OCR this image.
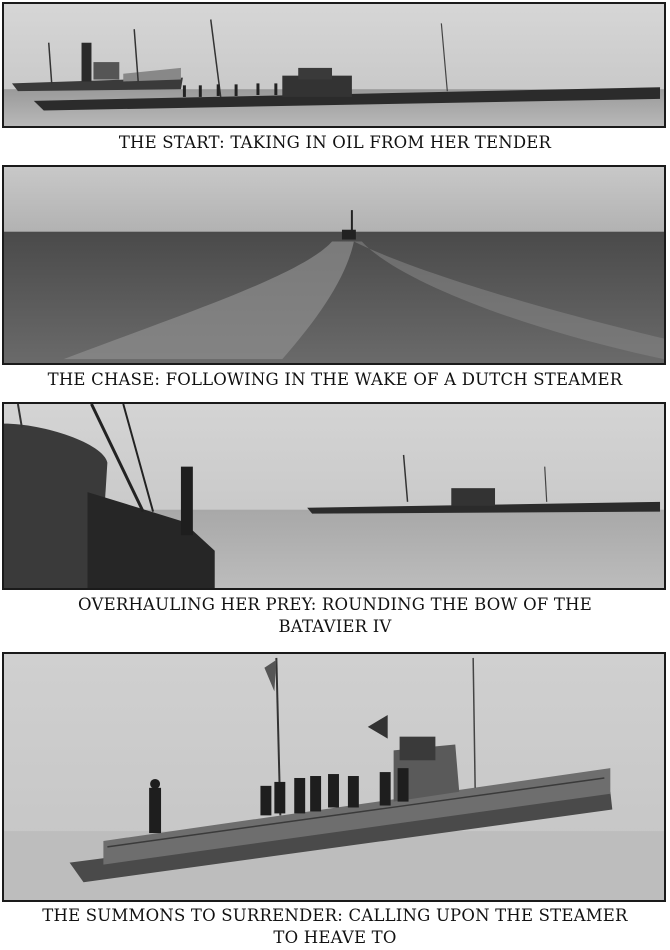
THE START: TAKING IN OIL FROM HER TENDER
THE CHASE: FOLLOWING IN THE WAKE OF A DUTCH STEAMER
OVERHAULING HER PREY: ROUNDING THE BOW OF THE
BATAVIER IV
THE SUMMONS TO SURRENDER: CALLING UPON THE STEAMER
TO HEAVE TO
